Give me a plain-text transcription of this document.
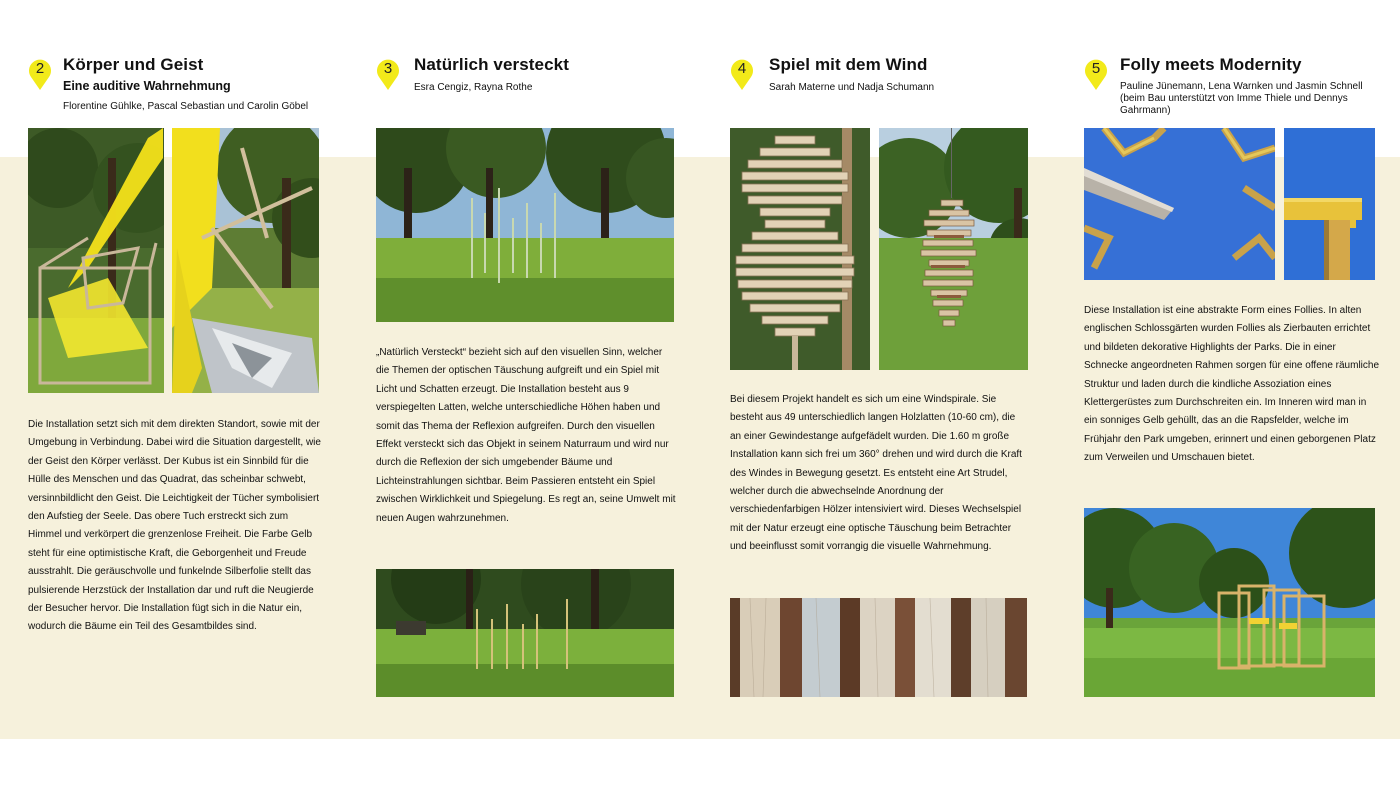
2	Körper und Geist
Eine auditive Wahrnehmung
Florentine Gühlke, Pascal Sebastian und Carolin Göbel
Die Installation setzt sich mit dem direkten Standort, sowie mit der Umgebung in Verbindung. Dabei wird die Situation dargestellt, wie der Geist den Körper verlässt. Der Kubus ist ein Sinnbild für die Hülle des Menschen und das Quadrat, das scheinbar schwebt, versinnbildlicht den Geist. Die Leichtigkeit der Tücher symbolisiert den Aufstieg der Seele. Das obere Tuch erstreckt sich zum Himmel und verkörpert die grenzenlose Freiheit. Die Farbe Gelb steht für eine optimistische Kraft, die Geborgenheit und Freude ausstrahlt. Die geräuschvolle und funkelnde Silberfolie stellt das pulsierende Herzstück der Installation dar und ruft die Neugierde der Besucher hervor. Die Installation fügt sich in die Natur ein, wodurch die Bäume ein Teil des Gesamtbildes sind.
3	Natürlich versteckt
Esra Cengiz, Rayna Rothe
„Natürlich Versteckt“ bezieht sich auf den visuellen Sinn, welcher die Themen der optischen Täuschung aufgreift und ein Spiel mit Licht und Schatten erzeugt. Die Installation besteht aus 9 verspiegelten Latten, welche unterschiedliche Höhen haben und somit das Thema der Reflexion aufgreifen. Durch den visuellen Effekt versteckt sich das Objekt in seinem Naturraum und wird nur durch die Reflexion der sich umgebender Bäume und Lichteinstrahlungen sichtbar. Beim Passieren entsteht ein Spiel zwischen Wirklichkeit und Spiegelung. Es regt an, seine Umwelt mit neuen Augen wahrzunehmen.
4	Spiel mit dem Wind
Sarah Materne und Nadja Schumann
Bei diesem Projekt handelt es sich um eine Windspirale. Sie besteht aus 49 unterschiedlich langen Holzlatten (10-60 cm), die an einer Gewindestange aufgefädelt wurden. Die 1.60 m große Installation kann sich frei um 360° drehen und wird durch die Kraft des Windes in Bewegung gesetzt. Es entsteht eine Art Strudel, welcher durch die abwechselnde Anordnung der verschiedenfarbigen Hölzer intensiviert wird. Dieses Wechselspiel mit der Natur erzeugt eine optische Täuschung beim Betrachter und beeinflusst somit vorrangig die visuelle Wahrnehmung.
5	Folly meets Modernity
Pauline Jünemann, Lena Warnken und Jasmin Schnell (beim Bau unterstützt von Imme Thiele und Dennys Gahrmann)
Diese Installation ist eine abstrakte Form eines Follies. In alten englischen Schlossgärten wurden Follies als Zierbauten errichtet und bildeten dekorative Highlights der Parks. Die in einer Schnecke angeordneten Rahmen sorgen für eine offene räumliche Struktur und laden durch die kindliche Assoziation eines Klettergerüstes zum Durchschreiten ein. Im Inneren wird man in ein sonniges Gelb gehüllt, das an die Rapsfelder, welche im Frühjahr den Park umgeben, erinnert und einen geborgenen Platz zum Verweilen und Umschauen bietet.
